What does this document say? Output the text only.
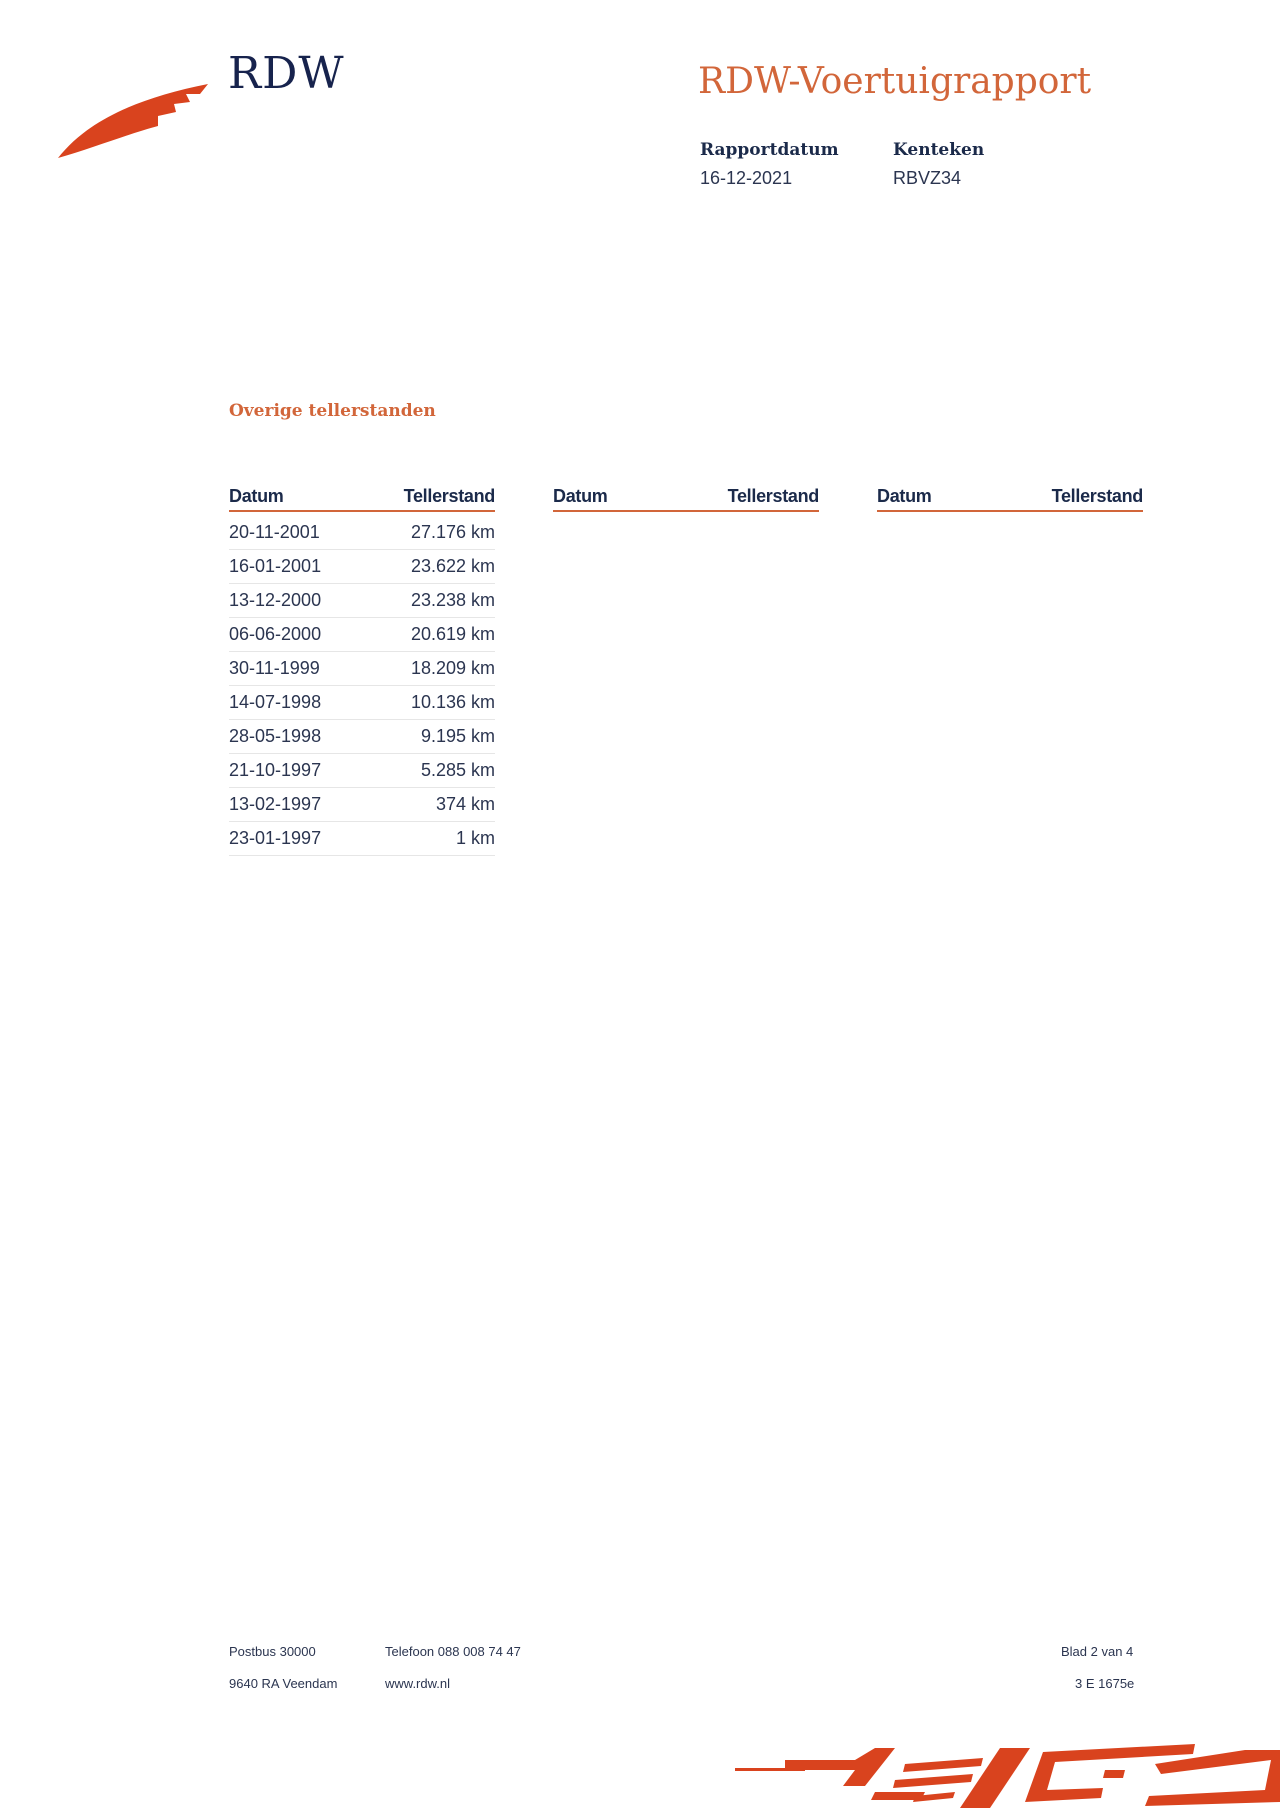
RDW	RDW-Voertuigrapport
Rapportdatum
16-12-2021
Kenteken
RBVZ34
Overige tellerstanden
Datum	Tellerstand
20-11-2001	27.176 km
16-01-2001	23.622 km
13-12-2000	23.238 km
06-06-2000	20.619 km
30-11-1999	18.209 km
14-07-1998	10.136 km
28-05-1998	9.195 km
21-10-1997	5.285 km
13-02-1997	374 km
23-01-1997	1 km
Datum	Tellerstand	Datum	Tellerstand
Postbus 30000
9640 RA Veendam
Telefoon 088 008 74 47
www.rdw.nl
Blad 2 van 4
3 E 1675e
